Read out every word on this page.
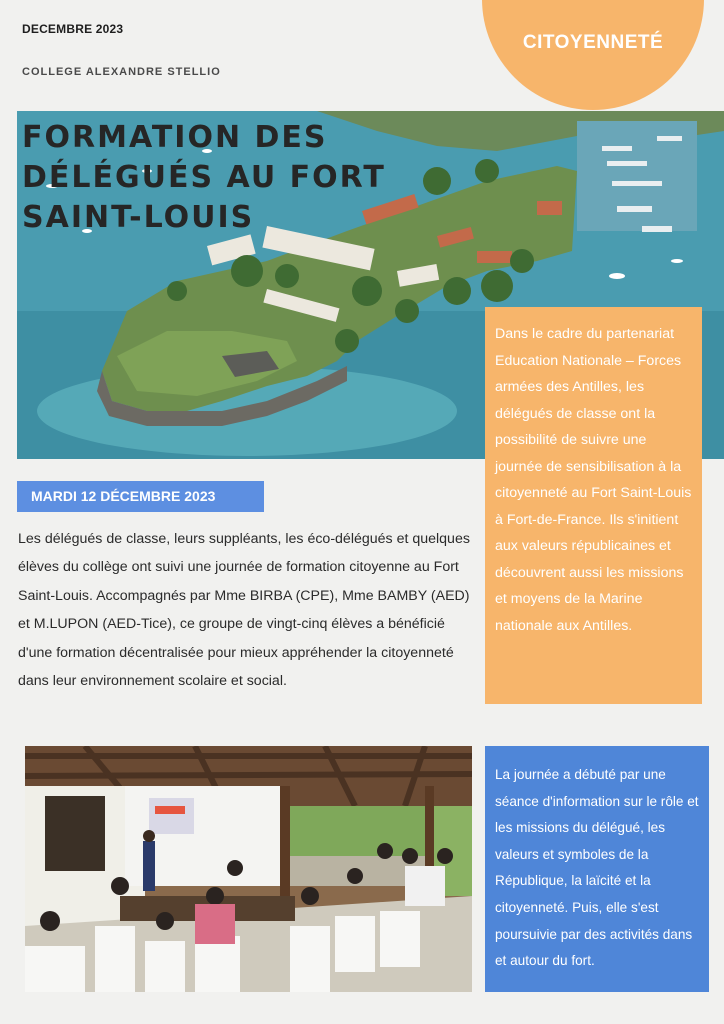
CITOYENNETÉ
DECEMBRE 2023
COLLEGE ALEXANDRE STELLIO
FORMATION DES DÉLÉGUÉS AU FORT SAINT-LOUIS
Dans le cadre du partenariat Education Nationale – Forces armées des Antilles, les délégués de classe ont la possibilité de suivre une journée de sensibilisation à la citoyenneté au Fort Saint-Louis à Fort-de-France. Ils s'initient aux valeurs républicaines et découvrent aussi les missions et moyens de la Marine nationale aux Antilles.
MARDI 12 DÉCEMBRE 2023

Les délégués de classe, leurs suppléants, les éco-délégués et quelques élèves du collège ont suivi une journée de formation citoyenne au Fort Saint-Louis. Accompagnés par Mme BIRBA (CPE), Mme BAMBY (AED) et M.LUPON (AED-Tice), ce groupe de vingt-cinq élèves a bénéficié d'une formation décentralisée pour mieux appréhender la citoyenneté dans leur environnement scolaire et social.

La journée a débuté par une séance d'information sur le rôle et les missions du délégué, les valeurs et symboles de la République, la laïcité et la citoyenneté. Puis, elle s'est poursuivie par des activités dans et autour du fort.
